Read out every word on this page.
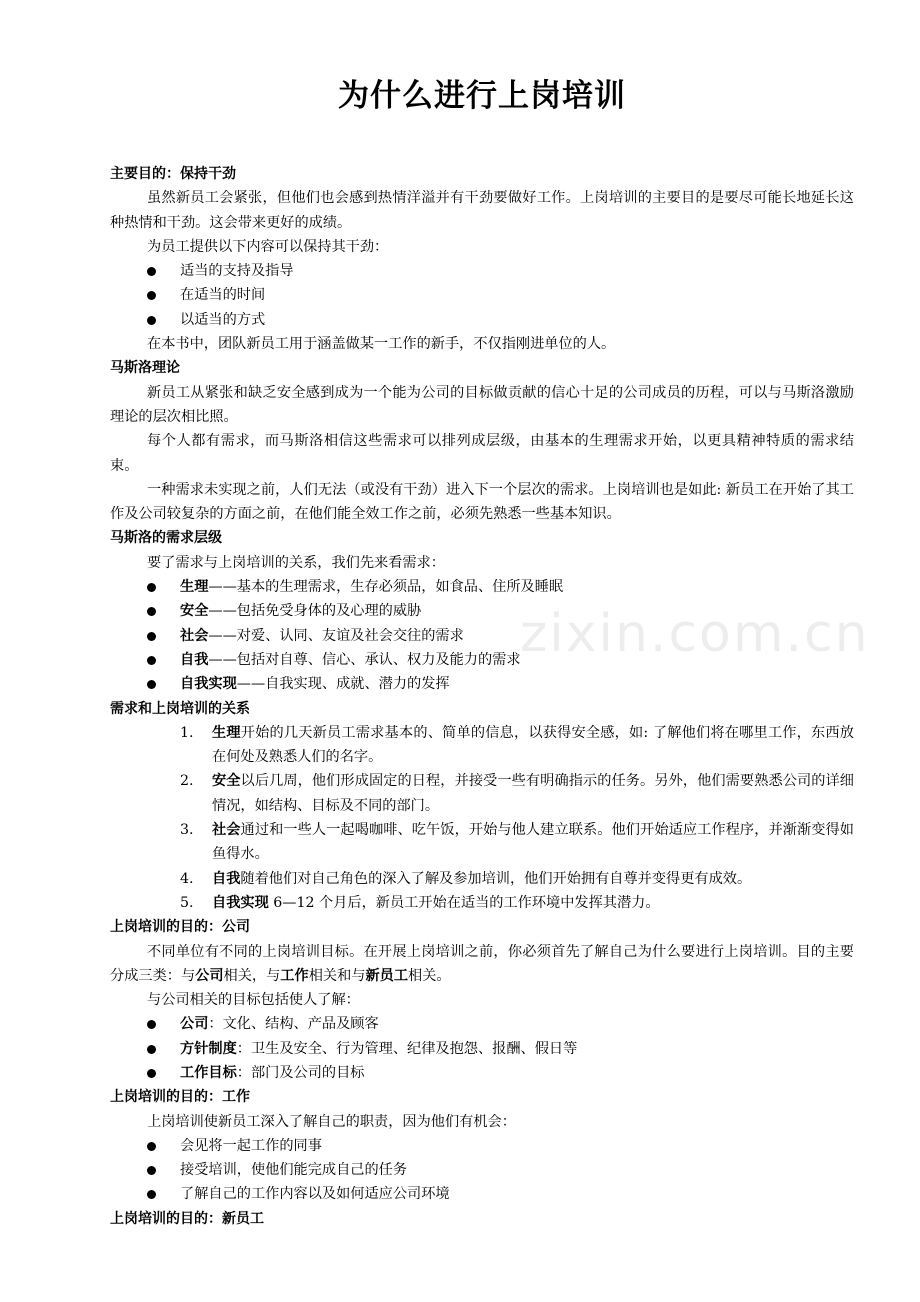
zixin.com.cn
为什么进行上岗培训
主要目的：保持干劲
虽然新员工会紧张，但他们也会感到热情洋溢并有干劲要做好工作。上岗培训的主要目的是要尽可能长地延长这种热情和干劲。这会带来更好的成绩。
为员工提供以下内容可以保持其干劲：
适当的支持及指导
在适当的时间
以适当的方式
在本书中，团队新员工用于涵盖做某一工作的新手，不仅指刚进单位的人。
马斯洛理论
新员工从紧张和缺乏安全感到成为一个能为公司的目标做贡献的信心十足的公司成员的历程，可以与马斯洛激励理论的层次相比照。
每个人都有需求，而马斯洛相信这些需求可以排列成层级，由基本的生理需求开始，以更具精神特质的需求结束。
一种需求未实现之前，人们无法（或没有干劲）进入下一个层次的需求。上岗培训也是如此: 新员工在开始了其工作及公司较复杂的方面之前，在他们能全效工作之前，必须先熟悉一些基本知识。
马斯洛的需求层级
要了需求与上岗培训的关系，我们先来看需求：
生理——基本的生理需求，生存必须品，如食品、住所及睡眠
安全——包括免受身体的及心理的威胁
社会——对爱、认同、友谊及社会交往的需求
自我——包括对自尊、信心、承认、权力及能力的需求
自我实现——自我实现、成就、潜力的发挥
需求和上岗培训的关系
1. 生理开始的几天新员工需求基本的、简单的信息，以获得安全感，如: 了解他们将在哪里工作，东西放在何处及熟悉人们的名字。
2. 安全以后几周，他们形成固定的日程，并接受一些有明确指示的任务。另外，他们需要熟悉公司的详细情况，如结构、目标及不同的部门。
3. 社会通过和一些人一起喝咖啡、吃午饭，开始与他人建立联系。他们开始适应工作程序，并渐渐变得如鱼得水。
4. 自我随着他们对自己角色的深入了解及参加培训，他们开始拥有自尊并变得更有成效。
5. 自我实现 6—12 个月后，新员工开始在适当的工作环境中发挥其潜力。
上岗培训的目的：公司
不同单位有不同的上岗培训目标。在开展上岗培训之前，你必须首先了解自己为什么要进行上岗培训。目的主要分成三类：与公司相关，与工作相关和与新员工相关。
与公司相关的目标包括使人了解：
公司：文化、结构、产品及顾客
方针制度：卫生及安全、行为管理、纪律及抱怨、报酬、假日等
工作目标：部门及公司的目标
上岗培训的目的：工作
上岗培训使新员工深入了解自己的职责，因为他们有机会：
会见将一起工作的同事
接受培训，使他们能完成自己的任务
了解自己的工作内容以及如何适应公司环境
上岗培训的目的：新员工
